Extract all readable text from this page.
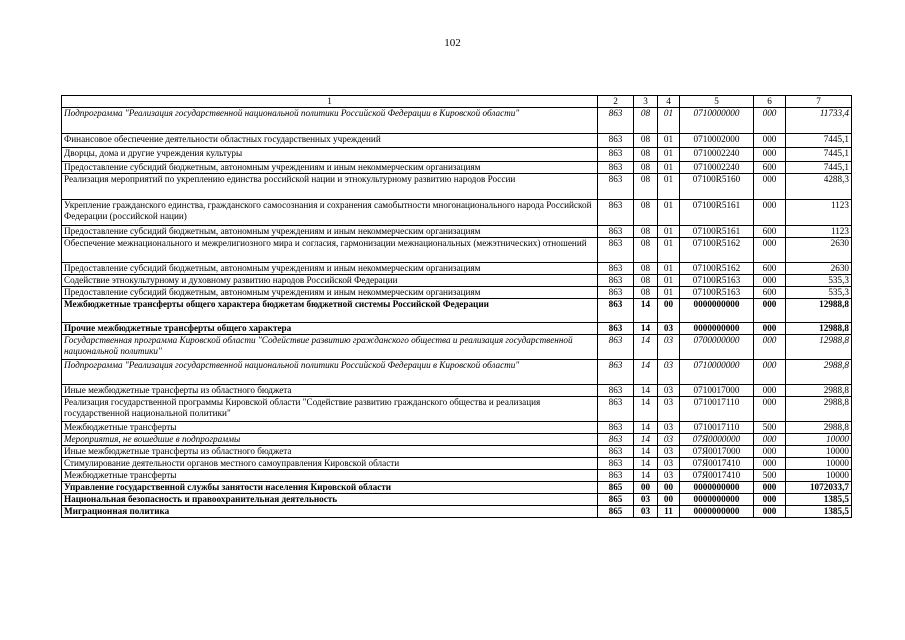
102
1	2	3	4	5	6	7
Подпрограмма "Реализация государственной национальной политики Российской Федерации в Кировской области"	863	08	01	0710000000	000	11733,4
Финансовое обеспечение деятельности областных государственных учреждений	863	08	01	0710002000	000	7445,1
Дворцы, дома и другие учреждения культуры	863	08	01	0710002240	000	7445,1
Предоставление субсидий бюджетным, автономным учреждениям и иным некоммерческим организациям	863	08	01	0710002240	600	7445,1
Реализация мероприятий по укреплению единства российской нации и этнокультурному развитию народов России	863	08	01	07100R5160	000	4288,3
Укрепление гражданского единства, гражданского самосознания и сохранения самобытности многонационального народа Российской Федерации (российской нации)	863	08	01	07100R5161	000	1123
Предоставление субсидий бюджетным, автономным учреждениям и иным некоммерческим организациям	863	08	01	07100R5161	600	1123
Обеспечение межнационального и межрелигиозного мира и согласия, гармонизации межнациональных (межэтнических) отношений	863	08	01	07100R5162	000	2630
Предоставление субсидий бюджетным, автономным учреждениям и иным некоммерческим организациям	863	08	01	07100R5162	600	2630
Содействие этнокультурному и духовному развитию народов Российской Федерации	863	08	01	07100R5163	000	535,3
Предоставление субсидий бюджетным, автономным учреждениям и иным некоммерческим организациям	863	08	01	07100R5163	600	535,3
Межбюджетные трансферты общего характера бюджетам бюджетной системы Российской Федерации	863	14	00	0000000000	000	12988,8
Прочие межбюджетные трансферты общего характера	863	14	03	0000000000	000	12988,8
Государственная программа Кировской области "Содействие развитию гражданского общества и реализация государственной национальной политики"	863	14	03	0700000000	000	12988,8
Подпрограмма "Реализация государственной национальной политики Российской Федерации в Кировской области"	863	14	03	0710000000	000	2988,8
Иные межбюджетные трансферты из областного бюджета	863	14	03	0710017000	000	2988,8
Реализация государственной программы Кировской области "Содействие развитию гражданского общества и реализация государственной национальной политики"	863	14	03	0710017110	000	2988,8
Межбюджетные трансферты	863	14	03	0710017110	500	2988,8
Мероприятия, не вошедшие в подпрограммы	863	14	03	07Я0000000	000	10000
Иные межбюджетные трансферты из областного бюджета	863	14	03	07Я0017000	000	10000
Стимулирование деятельности органов местного самоуправления Кировской области	863	14	03	07Я0017410	000	10000
Межбюджетные трансферты	863	14	03	07Я0017410	500	10000
Управление государственной службы занятости населения Кировской области	865	00	00	0000000000	000	1072033,7
Национальная безопасность и правоохранительная деятельность	865	03	00	0000000000	000	1385,5
Миграционная политика	865	03	11	0000000000	000	1385,5
